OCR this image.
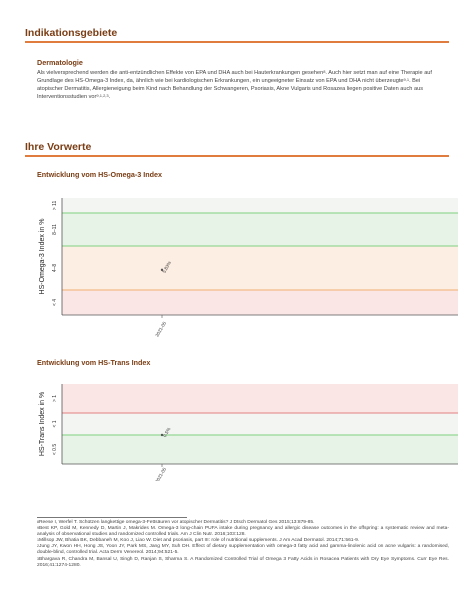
Indikationsgebiete
Dermatologie
Als vielversprechend werden die anti-entzündlichen Effekte von EPA und DHA auch bei Hauterkrankungen gesehen$^8$. Auch hier setzt man auf eine Therapie auf Grundlage des HS-Omega-3 Index, da, ähnlich wie bei kardiologischen Erkrankungen, ein ungeeigneter Einsatz von EPA und DHA nicht überzeugte$^{9,1}$. Bei atopischer Dermatitis, Allergieneigung beim Kind nach Behandlung der Schwangeren, Psoriasis, Akne Vulgaris und Rosazea liegen positive Daten auch aus Interventionsstudien vor$^{9,1,2,3}$.
Ihre Vorwerte
Entwicklung vom HS-Omega-3 Index
> 11
8–11
4–8
< 4
HS-Omega-3 Index in %
2021-05
5.83%
Entwicklung vom HS-Trans Index
> 1
< 1
< 0.5
HS-Trans Index in %
2021-05
0.5%
$^8$Reese I, Werfel T. Schützen langkettige omega-3-Fettsäuren vor atopischer Dermatitis? J Dtsch Dermatol Ges 2015;13:879-85.
$^9$Best KP, Gold M, Kennedy D, Martin J, Makrides M. Omega-3 long-chain PUFA intake during pregnancy and allergic disease outcomes in the offspring: a systematic review and meta-analysis of observational studies and randomized controlled trials. Am J Clin Nutr. 2016;103:128.
$^1$Millsop JW, Bhatia BK, Debbaneh M, Koo J, Liao W. Diet and psoriasis, part III: role of nutritional supplements. J Am Acad Dermatol. 2014;71:561-9.
$^2$Jung JY, Kwon HH, Hong JS, Yoon JY, Park MS, Jang MY, Suh DH. Effect of dietary supplementation with omega-3 fatty acid and gamma-linolenic acid on acne vulgaris: a randomised, double-blind, controlled trial. Acta Derm Venereol. 2014;94:521-5.
$^3$Bhargava R, Chandra M, Bansal U, Singh D, Ranjan S, Sharma S. A Randomized Controlled Trial of Omega 3 Fatty Acids in Rosacea Patients with Dry Eye Symptoms. Curr Eye Res. 2016;41:1274-1280.
